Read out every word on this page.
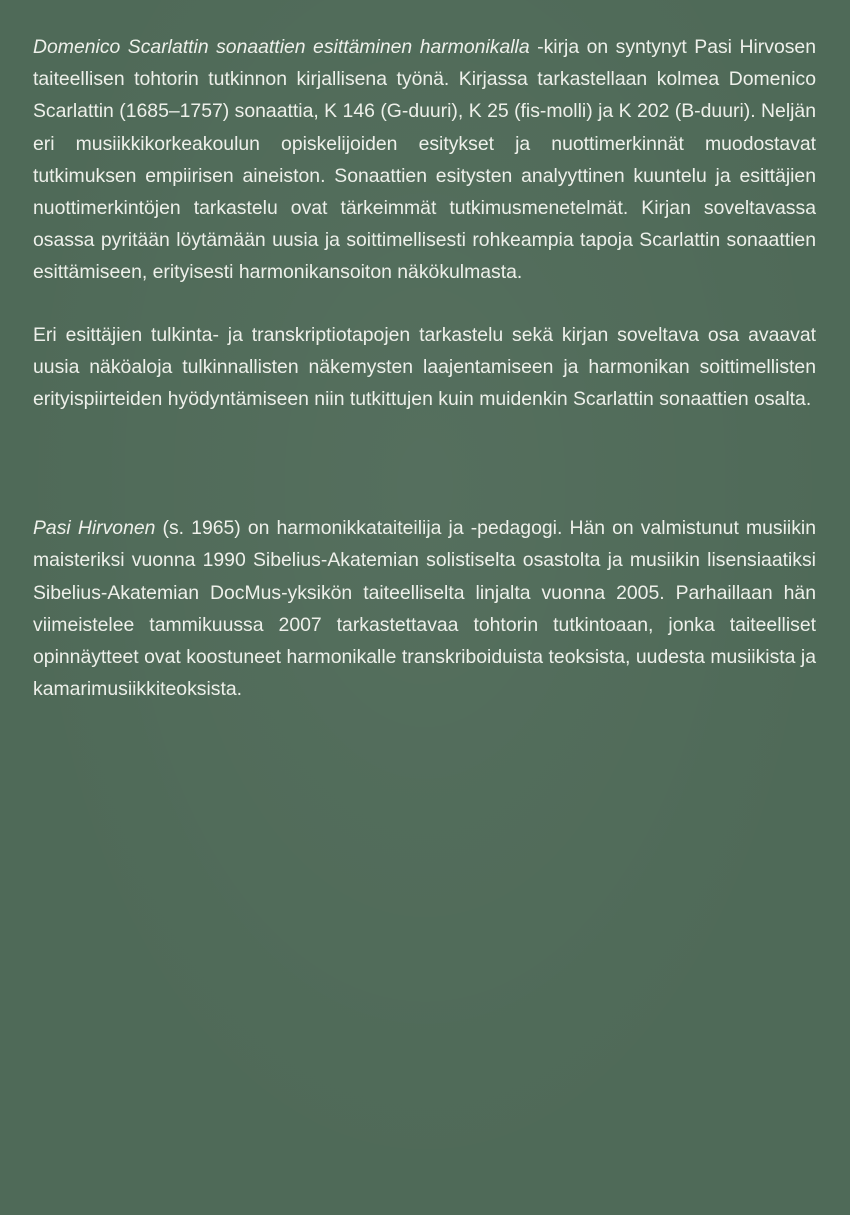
Domenico Scarlattin sonaattien esittäminen harmonikalla -kirja on syntynyt Pasi Hirvosen taiteellisen tohtorin tutkinnon kirjallisena työnä. Kirjassa tarkastellaan kolmea Domenico Scarlattin (1685–1757) sonaattia, K 146 (G-duuri), K 25 (fis-molli) ja K 202 (B-duuri). Neljän eri musiikkikorkeakoulun opiskelijoiden esitykset ja nuottimerkinnät muodostavat tutkimuksen empiirisen aineiston. Sonaattien esitysten analyyttinen kuuntelu ja esittäjien nuottimerkintöjen tarkastelu ovat tärkeimmät tutkimusmenetelmät. Kirjan soveltavassa osassa pyritään löytämään uusia ja soittimellisesti rohkeampia tapoja Scarlattin sonaattien esittämiseen, erityisesti harmonikansoiton näkökulmasta.

Eri esittäjien tulkinta- ja transkriptiotapojen tarkastelu sekä kirjan soveltava osa avaavat uusia näköaloja tulkinnallisten näkemysten laajentamiseen ja harmonikan soittimellisten erityispiirteiden hyödyntämiseen niin tutkittujen kuin muidenkin Scarlattin sonaattien osalta.

Pasi Hirvonen (s. 1965) on harmonikkataiteilija ja -pedagogi. Hän on valmistunut musiikin maisteriksi vuonna 1990 Sibelius-Akatemian solistiselta osastolta ja musiikin lisensiaatiksi Sibelius-Akatemian DocMus-yksikön taiteelliselta linjalta vuonna 2005. Parhaillaan hän viimeistelee tammikuussa 2007 tarkastettavaa tohtorin tutkintoaan, jonka taiteelliset opinnäytteet ovat koostuneet harmonikalle transkriboiduista teoksista, uudesta musiikista ja kamarimusiikkiteoksista.
